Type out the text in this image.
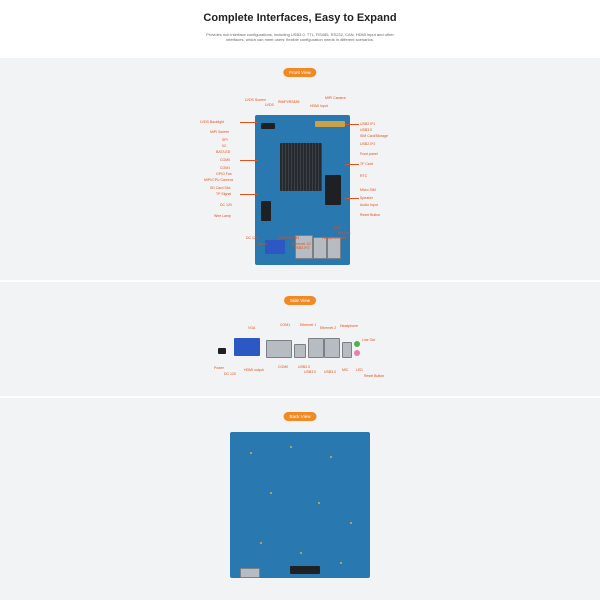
Complete Interfaces, Easy to Expand
Provides rich interface configurations, including USB3.0, TTL, RS485, RS232, CAN, HDMI input and other interfaces, which can meet users' flexible configuration needs in different scenarios.
Front View
LVDS Screen
LVDS
RMIPI/RS485
MIPI Camera
HDMI Input
LVDS Backlight
MIPI Screen
SPI
IIC
BAT/LED
COM0
COM1
GPIO Fan
MIPI/CPU Camera
SD Card Slot
TP Signal
DC 12V
Wire Lamp
USB2.0*1
USB3.0
SIM Card/Storage
USB2.0*2
Front panel
TF Card
RTC
Micro SIM
Speaker
Audio Input
Reset Button
DC 12V
Type-C
COM2/COM3
Ethernet 1/2
USB3.0*2
Headphone/MIC
LTE
Mic Bus
Side View
VGA
COM1	Ethernet 1
Ethernet 2 Headphone
Line Out
Power
DC 12V
HDMI output
COM0	USB2.0
USB3.0 USB3.0 MIC LED
Reset Button
Back View
